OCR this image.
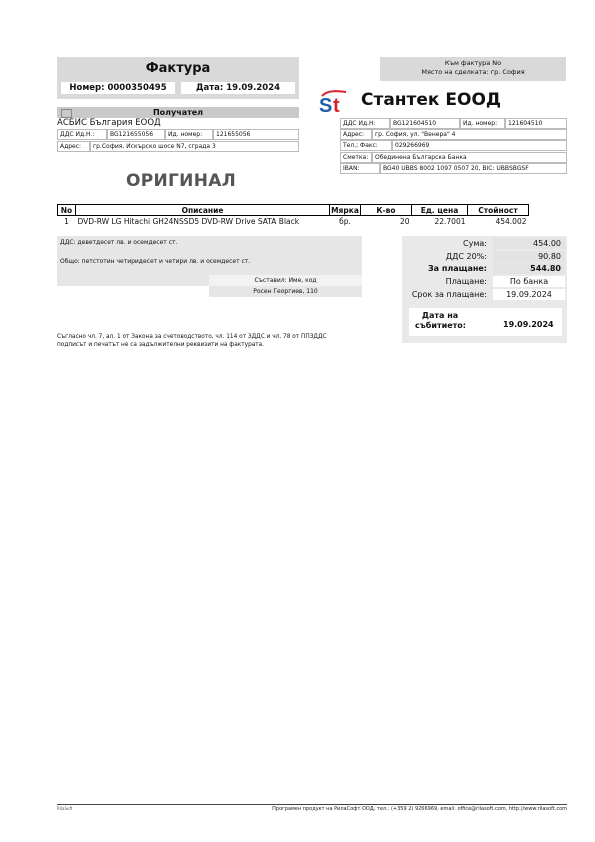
Фактура
Номер: 0000350495	Дата: 19.09.2024
Към фактура No
Място на сделката: гр. София
S t Стантек ЕООД
ДДС Ид.Н:	BG121604510	Ид. номер:	121604510
Адрес:	гр. София, ул. "Венера" 4
Тел.; Факс:	029266969
Сметка:	Обединена Българска Банка
IBAN:	BG40 UBBS 8002 1097 0507 20, BIC: UBBSBGSF
Получател
АСБИС България ЕООД
ДДС Ид.Н.:	BG121655056	Ид. номер:	121655056
Адрес:	гр.София, Искърско шосе N7, сграда 3
ОРИГИНАЛ
No	Описание	Мярка	К-во	Ед. цена	Стойност
1	DVD-RW LG Hitachi GH24NSSD5 DVD-RW Drive SATA Black	бр.	20	22.7001	454.002
ДДС: деветдесет лв. и осемдесет ст.
Общо: петстотин четиридесет и четири лв. и осемдесет ст.
Съставил: Име, код
Росен Георгиев, 110
Сума:	454.00
ДДС 20%:	90.80
За плащане:	544.80
Плащане:	По банка
Срок за плащане:	19.09.2024
Дата на събитието:	19.09.2024
Съгласно чл. 7, ал. 1 от Закона за счетоводството, чл. 114 от ЗДДС и чл. 78 от ППЗДДС подписът и печатът не са задължителни реквизити на фактурата.
RilaSoft	Програмен продукт на РилаСофт ООД, тел.: (+359 2) 9266969, email: office@rilasoft.com, http://www.rilasoft.com
